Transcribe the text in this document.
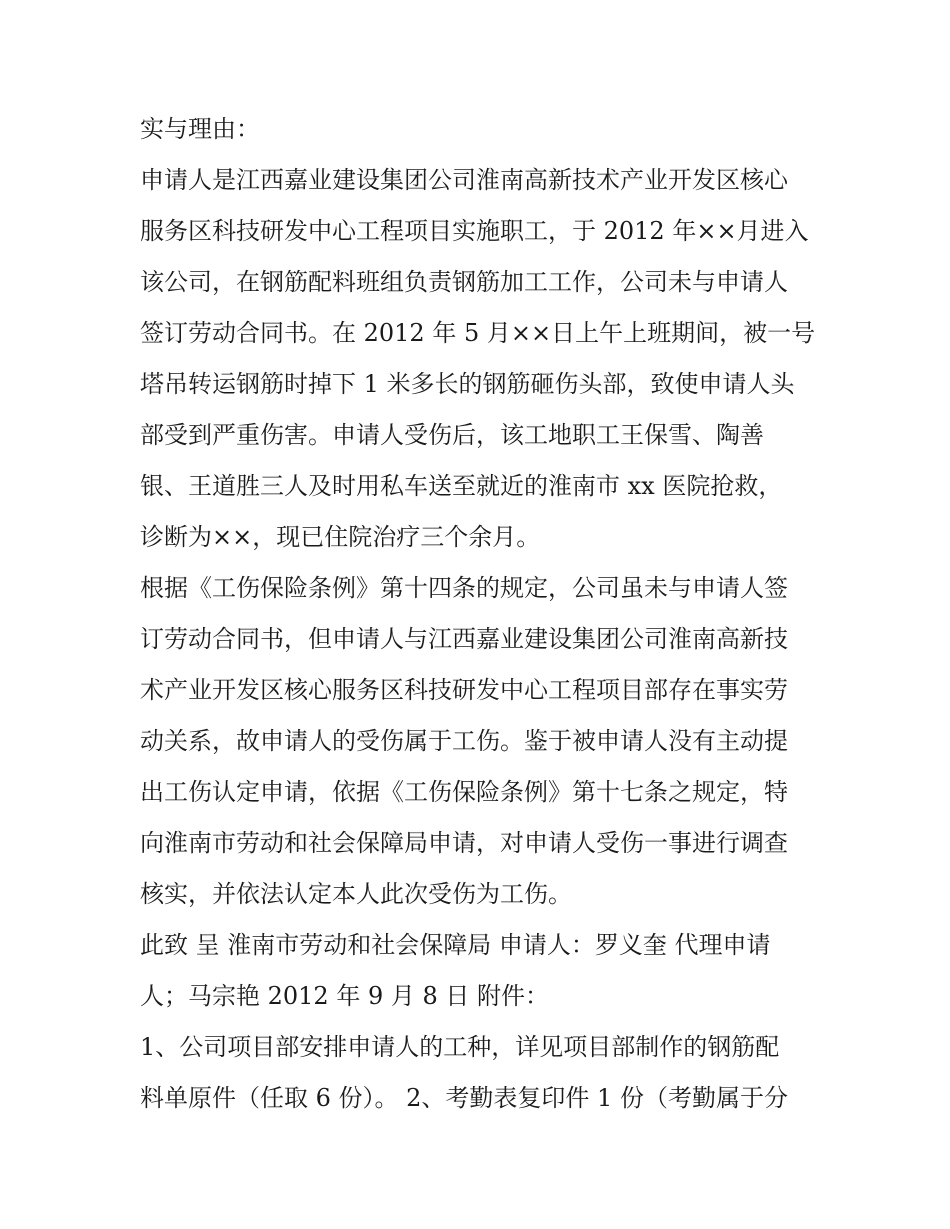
实与理由：
申请人是江西嘉业建设集团公司淮南高新技术产业开发区核心
服务区科技研发中心工程项目实施职工，于 2012 年××月进入
该公司，在钢筋配料班组负责钢筋加工工作，公司未与申请人
签订劳动合同书。在 2012 年 5 月××日上午上班期间，被一号
塔吊转运钢筋时掉下 1 米多长的钢筋砸伤头部，致使申请人头
部受到严重伤害。申请人受伤后，该工地职工王保雪、陶善
银、王道胜三人及时用私车送至就近的淮南市 xx 医院抢救，
诊断为××，现已住院治疗三个余月。
根据《工伤保险条例》第十四条的规定，公司虽未与申请人签
订劳动合同书，但申请人与江西嘉业建设集团公司淮南高新技
术产业开发区核心服务区科技研发中心工程项目部存在事实劳
动关系，故申请人的受伤属于工伤。鉴于被申请人没有主动提
出工伤认定申请，依据《工伤保险条例》第十七条之规定，特
向淮南市劳动和社会保障局申请，对申请人受伤一事进行调查
核实，并依法认定本人此次受伤为工伤。
此致 呈 淮南市劳动和社会保障局 申请人：罗义奎 代理申请
人；马宗艳 2012 年 9 月 8 日 附件：
1、公司项目部安排申请人的工种，详见项目部制作的钢筋配
料单原件（任取 6 份）。 2、考勤表复印件 1 份（考勤属于分
